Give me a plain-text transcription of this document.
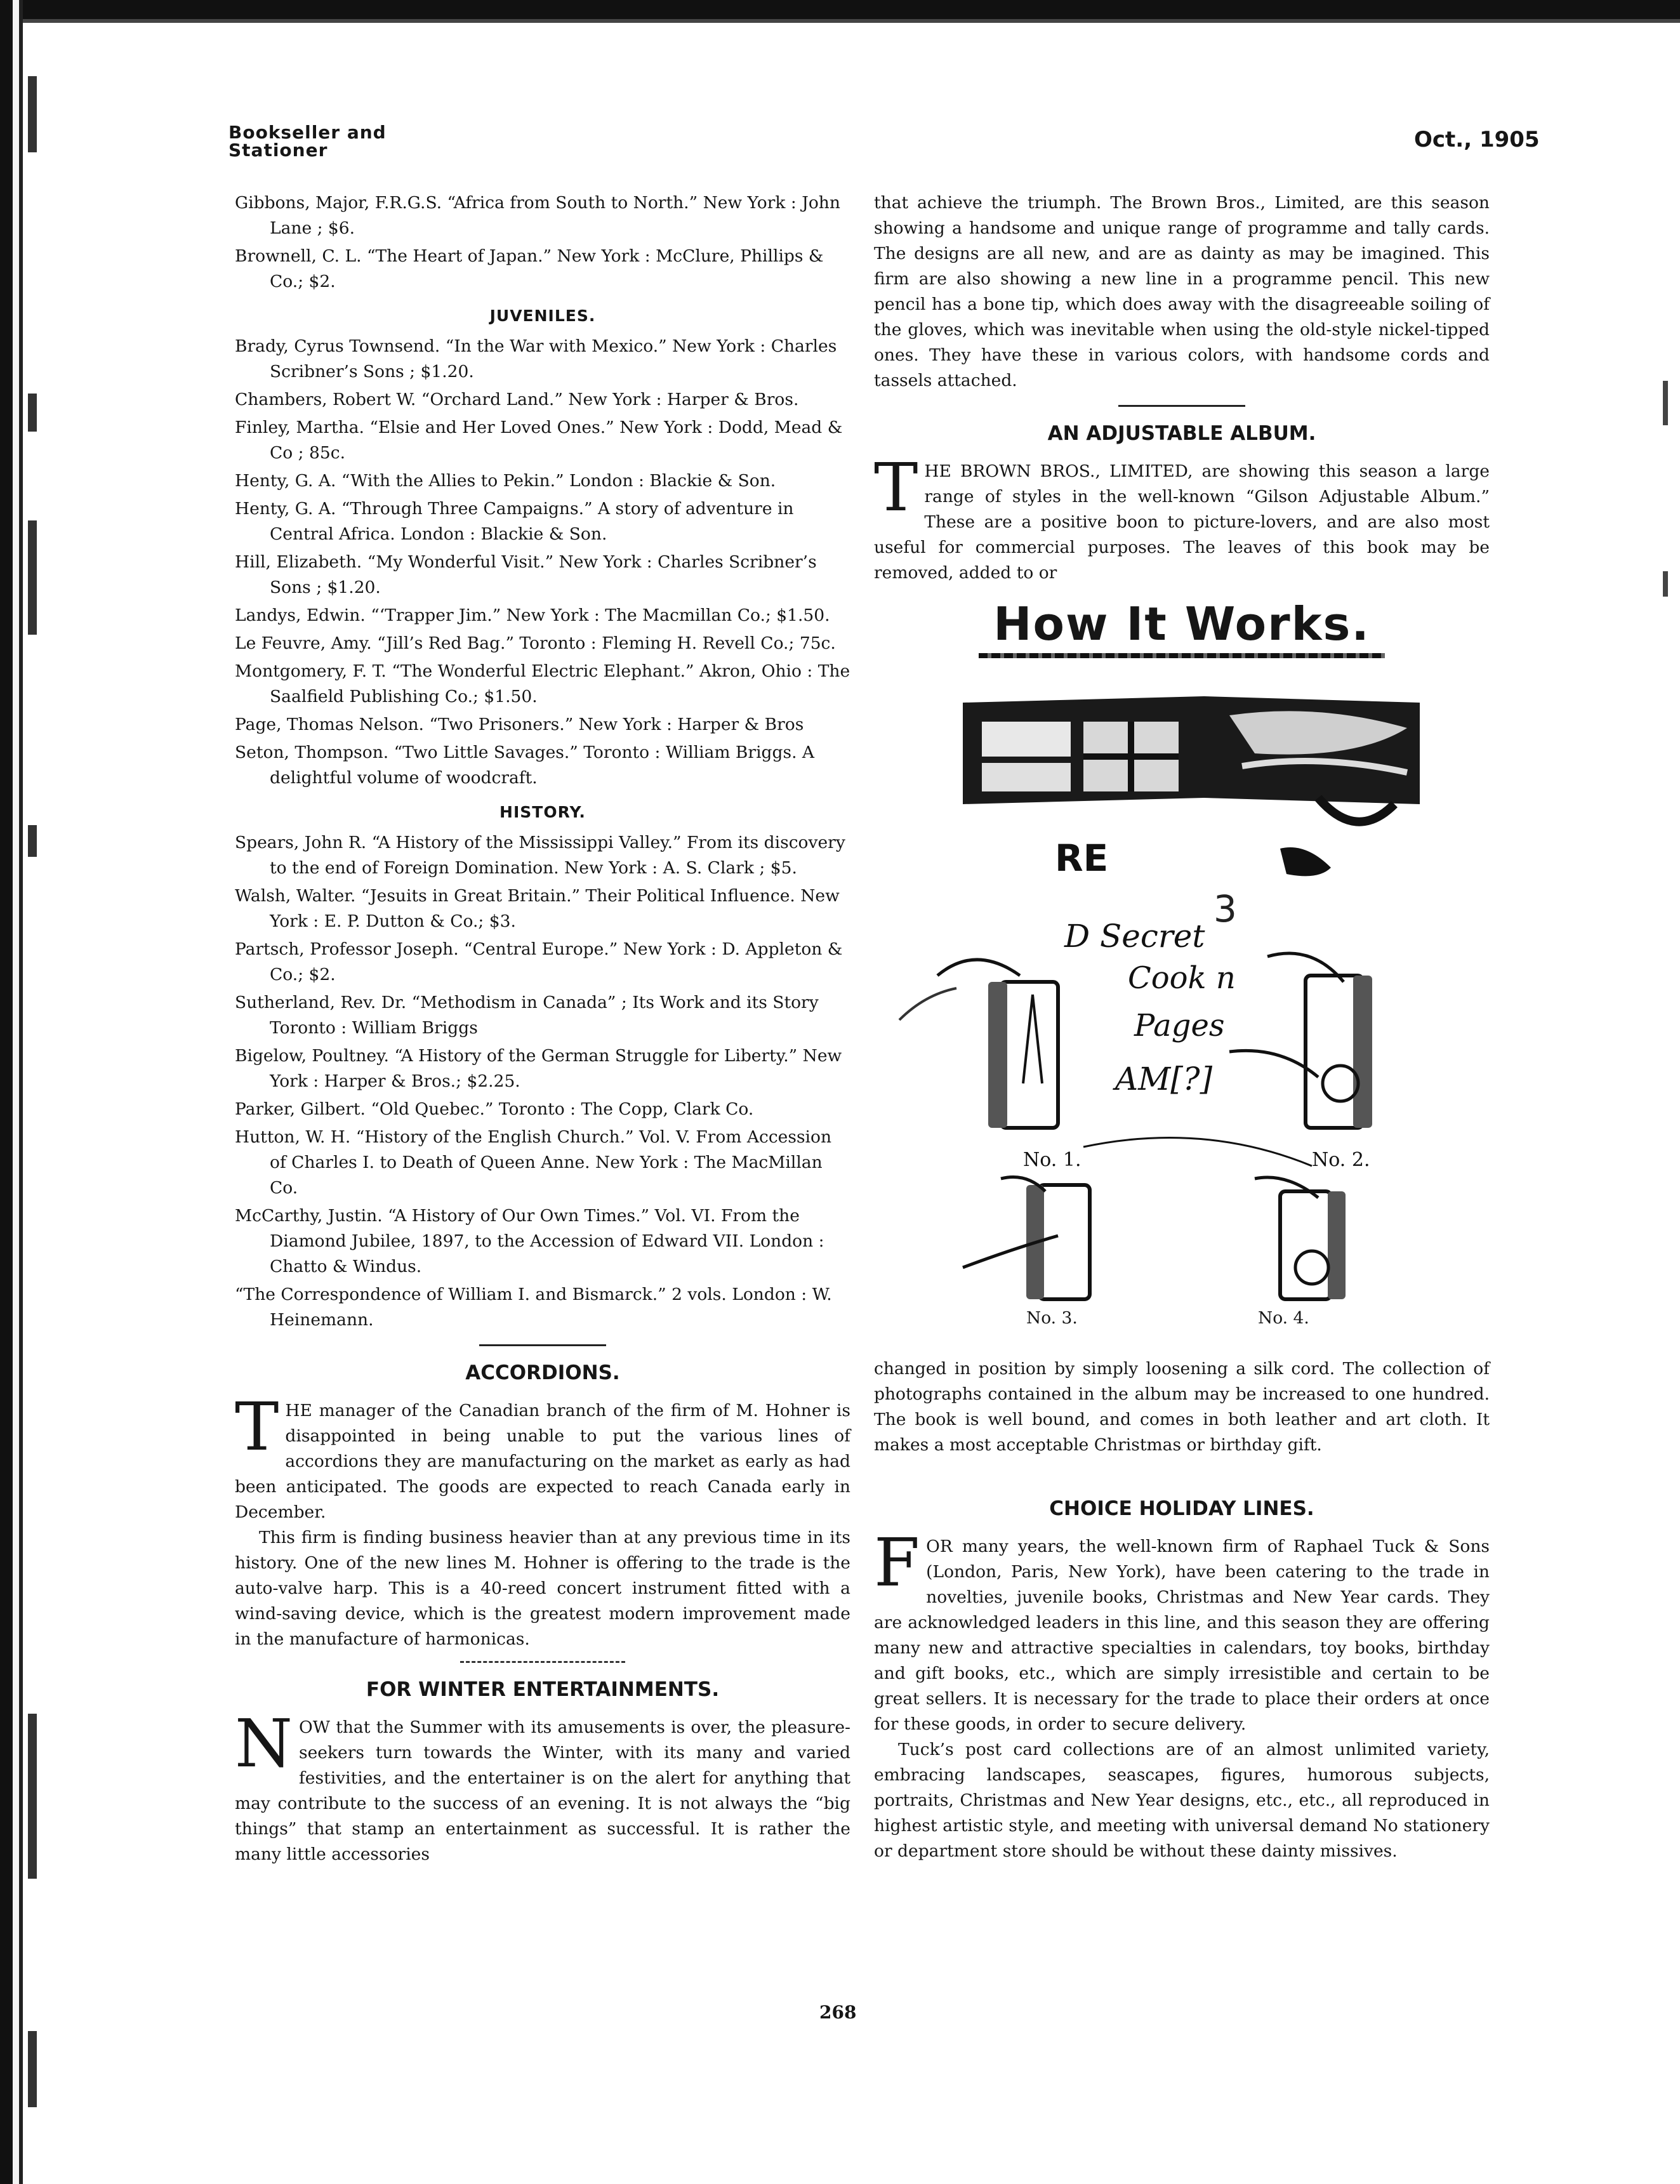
Bookseller and
Stationer	Oct., 1905

Gibbons, Major, F.R.G.S. “Africa from South to North.” New York : John Lane ; $6.

Brownell, C. L. “The Heart of Japan.” New York : McClure, Phillips & Co.; $2.

JUVENILES.

Brady, Cyrus Townsend. “In the War with Mexico.” New York : Charles Scribner’s Sons ; $1.20.

Chambers, Robert W. “Orchard Land.” New York : Harper & Bros.

Finley, Martha. “Elsie and Her Loved Ones.” New York : Dodd, Mead & Co ; 85c.

Henty, G. A. “With the Allies to Pekin.” London : Blackie & Son.

Henty, G. A. “Through Three Campaigns.” A story of adventure in Central Africa. London : Blackie & Son.

Hill, Elizabeth. “My Wonderful Visit.” New York : Charles Scribner’s Sons ; $1.20.

Landys, Edwin. “‘Trapper Jim.” New York : The Macmillan Co.; $1.50.

Le Feuvre, Amy. “Jill’s Red Bag.” Toronto : Fleming H. Revell Co.; 75c.

Montgomery, F. T. “The Wonderful Electric Elephant.” Akron, Ohio : The Saalfield Publishing Co.; $1.50.

Page, Thomas Nelson. “Two Prisoners.” New York : Harper & Bros

Seton, Thompson. “Two Little Savages.” Toronto : William Briggs. A delightful volume of woodcraft.

HISTORY.

Spears, John R. “A History of the Mississippi Valley.” From its discovery to the end of Foreign Domination. New York : A. S. Clark ; $5.

Walsh, Walter. “Jesuits in Great Britain.” Their Political Influence. New York : E. P. Dutton & Co.; $3.

Partsch, Professor Joseph. “Central Europe.” New York : D. Appleton & Co.; $2.

Sutherland, Rev. Dr. “Methodism in Canada” ; Its Work and its Story Toronto : William Briggs

Bigelow, Poultney. “A History of the German Struggle for Liberty.” New York : Harper & Bros.; $2.25.

Parker, Gilbert. “Old Quebec.” Toronto : The Copp, Clark Co.

Hutton, W. H. “History of the English Church.” Vol. V. From Accession of Charles I. to Death of Queen Anne. New York : The MacMillan Co.

McCarthy, Justin. “A History of Our Own Times.” Vol. VI. From the Diamond Jubilee, 1897, to the Accession of Edward VII. London : Chatto & Windus.

“The Correspondence of William I. and Bismarck.” 2 vols. London : W. Heinemann.

ACCORDIONS.

THE manager of the Canadian branch of the firm of M. Hohner is disappointed in being unable to put the various lines of accordions they are manufacturing on the market as early as had been anticipated. The goods are expected to reach Canada early in December.

This firm is finding business heavier than at any previous time in its history. One of the new lines M. Hohner is offering to the trade is the auto-valve harp. This is a 40-reed concert instrument fitted with a wind-saving device, which is the greatest modern improvement made in the manufacture of harmonicas.

FOR WINTER ENTERTAINMENTS.

NOW that the Summer with its amusements is over, the pleasure-seekers turn towards the Winter, with its many and varied festivities, and the entertainer is on the alert for anything that may contribute to the success of an evening. It is not always the “big things” that stamp an entertainment as successful. It is rather the many little accessories

that achieve the triumph. The Brown Bros., Limited, are this season showing a handsome and unique range of programme and tally cards. The designs are all new, and are as dainty as may be imagined. This firm are also showing a new line in a programme pencil. This new pencil has a bone tip, which does away with the disagreeable soiling of the gloves, which was inevitable when using the old-style nickel-tipped ones. They have these in various colors, with handsome cords and tassels attached.

AN ADJUSTABLE ALBUM.

THE BROWN BROS., LIMITED, are showing this season a large range of styles in the well-known “Gilson Adjustable Album.” These are a positive boon to picture-lovers, and are also most useful for commercial purposes. The leaves of this book may be removed, added to or

How It Works.
RE
3
No. 1.	No. 2.
D Secret
Cook n
Pages
AM[?]
No. 3.	No. 4.

changed in position by simply loosening a silk cord. The collection of photographs contained in the album may be increased to one hundred. The book is well bound, and comes in both leather and art cloth. It makes a most acceptable Christmas or birthday gift.

CHOICE HOLIDAY LINES.

FOR many years, the well-known firm of Raphael Tuck & Sons (London, Paris, New York), have been catering to the trade in novelties, juvenile books, Christmas and New Year cards. They are acknowledged leaders in this line, and this season they are offering many new and attractive specialties in calendars, toy books, birthday and gift books, etc., which are simply irresistible and certain to be great sellers. It is necessary for the trade to place their orders at once for these goods, in order to secure delivery.

Tuck’s post card collections are of an almost unlimited variety, embracing landscapes, seascapes, figures, humorous subjects, portraits, Christmas and New Year designs, etc., etc., all reproduced in highest artistic style, and meeting with universal demand No stationery or department store should be without these dainty missives.

268
